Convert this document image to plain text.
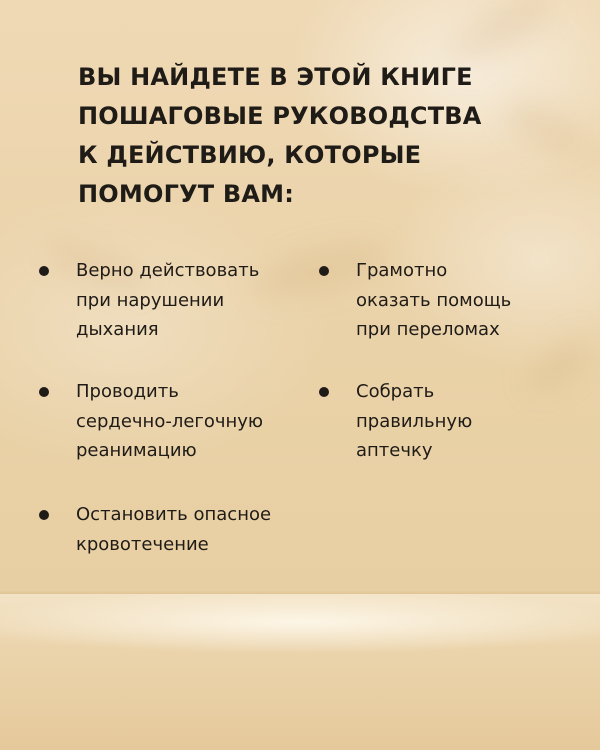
ВЫ НАЙДЕТЕ В ЭТОЙ КНИГЕ
ПОШАГОВЫЕ РУКОВОДСТВА
К ДЕЙСТВИЮ, КОТОРЫЕ
ПОМОГУТ ВАМ:
Верно действовать
при нарушении
дыхания
Грамотно
оказать помощь
при переломах
Проводить
сердечно-легочную
реанимацию
Собрать
правильную
аптечку
Остановить опасное
кровотечение
